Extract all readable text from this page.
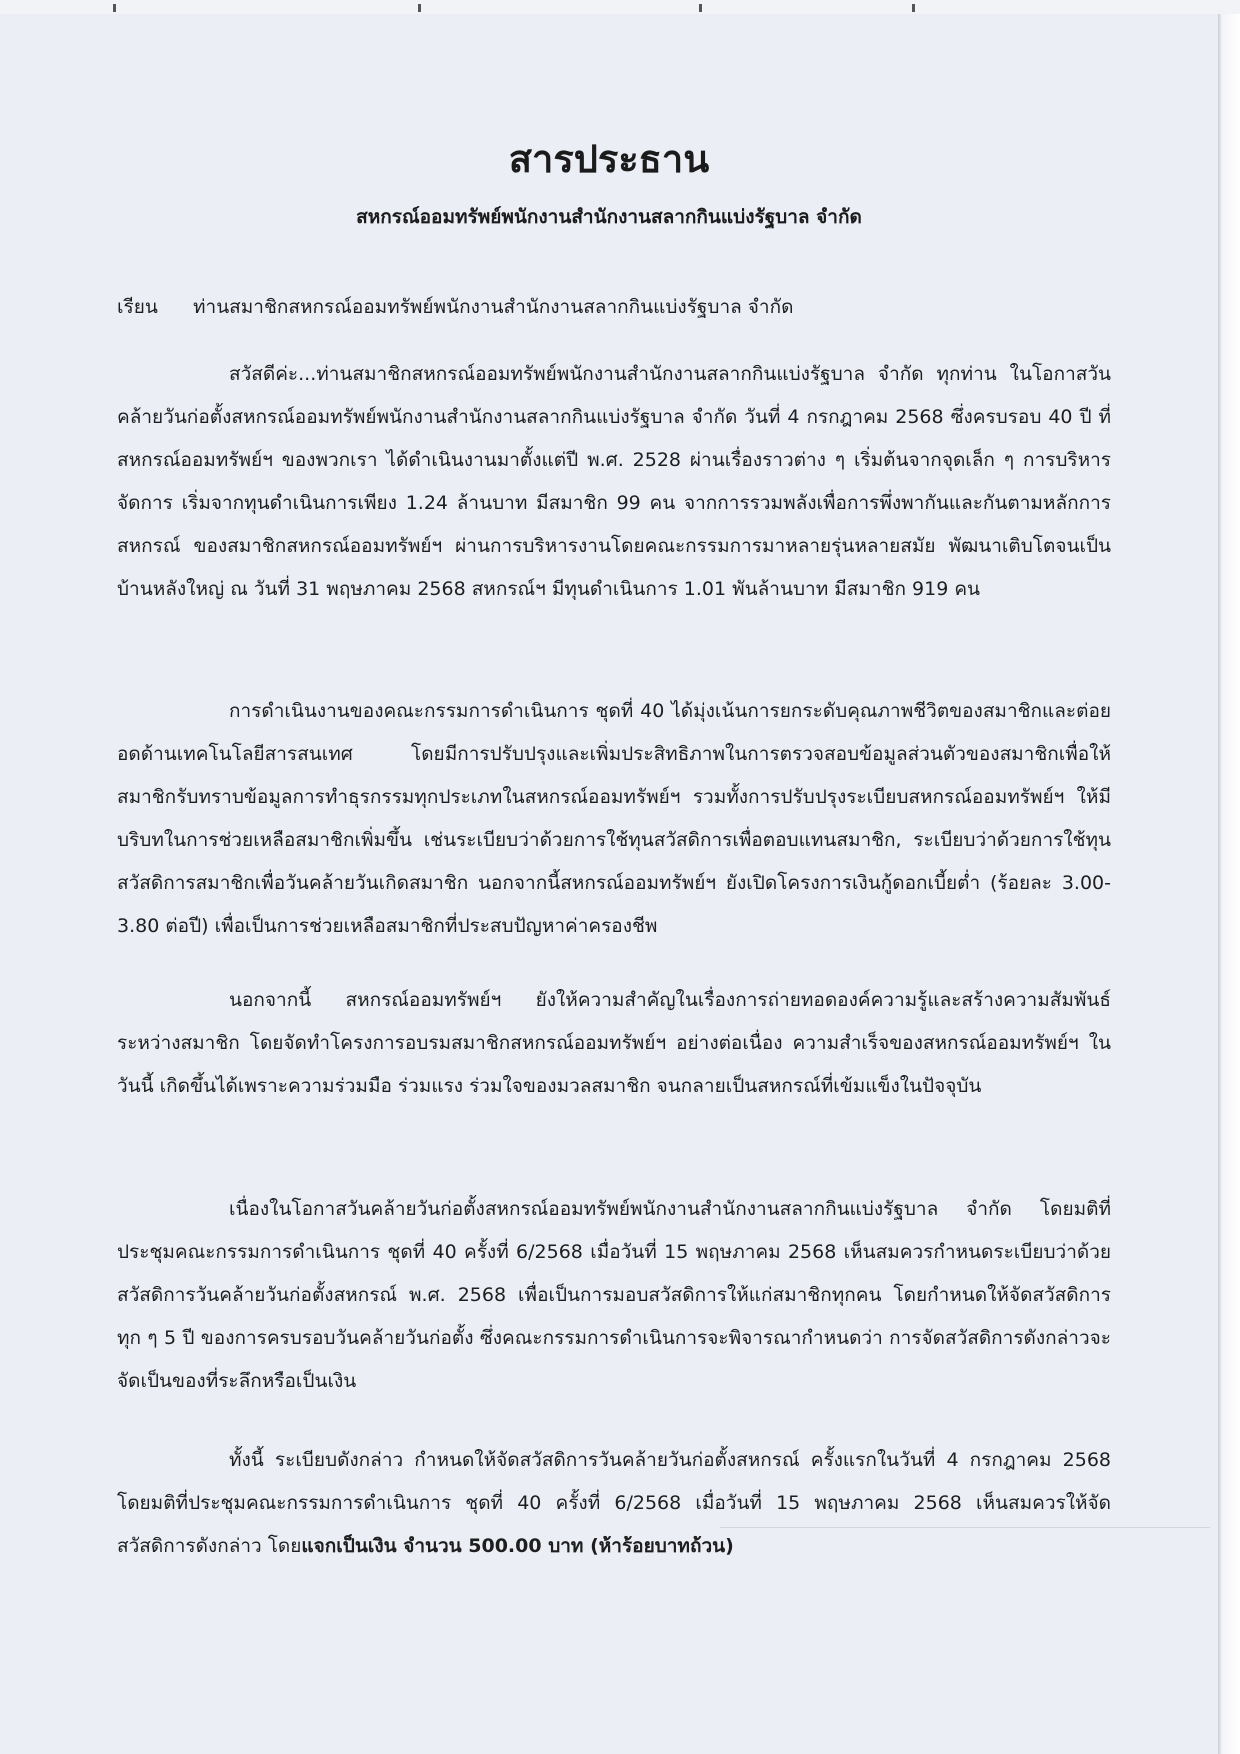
สารประธาน
สหกรณ์ออมทรัพย์พนักงานสำนักงานสลากกินแบ่งรัฐบาล จำกัด
เรียน ท่านสมาชิกสหกรณ์ออมทรัพย์พนักงานสำนักงานสลากกินแบ่งรัฐบาล จำกัด

สวัสดีค่ะ...ท่านสมาชิกสหกรณ์ออมทรัพย์พนักงานสำนักงานสลากกินแบ่งรัฐบาล จำกัด ทุกท่าน ในโอกาสวันคล้ายวันก่อตั้งสหกรณ์ออมทรัพย์พนักงานสำนักงานสลากกินแบ่งรัฐบาล จำกัด วันที่ 4 กรกฎาคม 2568 ซึ่งครบรอบ 40 ปี ที่สหกรณ์ออมทรัพย์ฯ ของพวกเรา ได้ดำเนินงานมาตั้งแต่ปี พ.ศ. 2528 ผ่านเรื่องราวต่าง ๆ เริ่มต้นจากจุดเล็ก ๆ การบริหารจัดการ เริ่มจากทุนดำเนินการเพียง 1.24 ล้านบาท มีสมาชิก 99 คน จากการรวมพลังเพื่อการพึ่งพากันและกันตามหลักการสหกรณ์ ของสมาชิกสหกรณ์ออมทรัพย์ฯ ผ่านการบริหารงานโดยคณะกรรมการมาหลายรุ่นหลายสมัย พัฒนาเติบโตจนเป็นบ้านหลังใหญ่ ณ วันที่ 31 พฤษภาคม 2568 สหกรณ์ฯ มีทุนดำเนินการ 1.01 พันล้านบาท มีสมาชิก 919 คน

การดำเนินงานของคณะกรรมการดำเนินการ ชุดที่ 40 ได้มุ่งเน้นการยกระดับคุณภาพชีวิตของสมาชิกและต่อยอดด้านเทคโนโลยีสารสนเทศ โดยมีการปรับปรุงและเพิ่มประสิทธิภาพในการตรวจสอบข้อมูลส่วนตัวของสมาชิกเพื่อให้สมาชิกรับทราบข้อมูลการทำธุรกรรมทุกประเภทในสหกรณ์ออมทรัพย์ฯ รวมทั้งการปรับปรุงระเบียบสหกรณ์ออมทรัพย์ฯ ให้มีบริบทในการช่วยเหลือสมาชิกเพิ่มขึ้น เช่นระเบียบว่าด้วยการใช้ทุนสวัสดิการเพื่อตอบแทนสมาชิก, ระเบียบว่าด้วยการใช้ทุนสวัสดิการสมาชิกเพื่อวันคล้ายวันเกิดสมาชิก นอกจากนี้สหกรณ์ออมทรัพย์ฯ ยังเปิดโครงการเงินกู้ดอกเบี้ยต่ำ (ร้อยละ 3.00-3.80 ต่อปี) เพื่อเป็นการช่วยเหลือสมาชิกที่ประสบปัญหาค่าครองชีพ

นอกจากนี้ สหกรณ์ออมทรัพย์ฯ ยังให้ความสำคัญในเรื่องการถ่ายทอดองค์ความรู้และสร้างความสัมพันธ์ระหว่างสมาชิก โดยจัดทำโครงการอบรมสมาชิกสหกรณ์ออมทรัพย์ฯ อย่างต่อเนื่อง ความสำเร็จของสหกรณ์ออมทรัพย์ฯ ในวันนี้ เกิดขึ้นได้เพราะความร่วมมือ ร่วมแรง ร่วมใจของมวลสมาชิก จนกลายเป็นสหกรณ์ที่เข้มแข็งในปัจจุบัน

เนื่องในโอกาสวันคล้ายวันก่อตั้งสหกรณ์ออมทรัพย์พนักงานสำนักงานสลากกินแบ่งรัฐบาล จำกัด โดยมติที่ประชุมคณะกรรมการดำเนินการ ชุดที่ 40 ครั้งที่ 6/2568 เมื่อวันที่ 15 พฤษภาคม 2568 เห็นสมควรกำหนดระเบียบว่าด้วย สวัสดิการวันคล้ายวันก่อตั้งสหกรณ์ พ.ศ. 2568 เพื่อเป็นการมอบสวัสดิการให้แก่สมาชิกทุกคน โดยกำหนดให้จัดสวัสดิการ ทุก ๆ 5 ปี ของการครบรอบวันคล้ายวันก่อตั้ง ซึ่งคณะกรรมการดำเนินการจะพิจารณากำหนดว่า การจัดสวัสดิการดังกล่าวจะจัดเป็นของที่ระลึกหรือเป็นเงิน

ทั้งนี้ ระเบียบดังกล่าว กำหนดให้จัดสวัสดิการวันคล้ายวันก่อตั้งสหกรณ์ ครั้งแรกในวันที่ 4 กรกฎาคม 2568 โดยมติที่ประชุมคณะกรรมการดำเนินการ ชุดที่ 40 ครั้งที่ 6/2568 เมื่อวันที่ 15 พฤษภาคม 2568 เห็นสมควรให้จัดสวัสดิการดังกล่าว โดยแจกเป็นเงิน จำนวน 500.00 บาท (ห้าร้อยบาทถ้วน)
